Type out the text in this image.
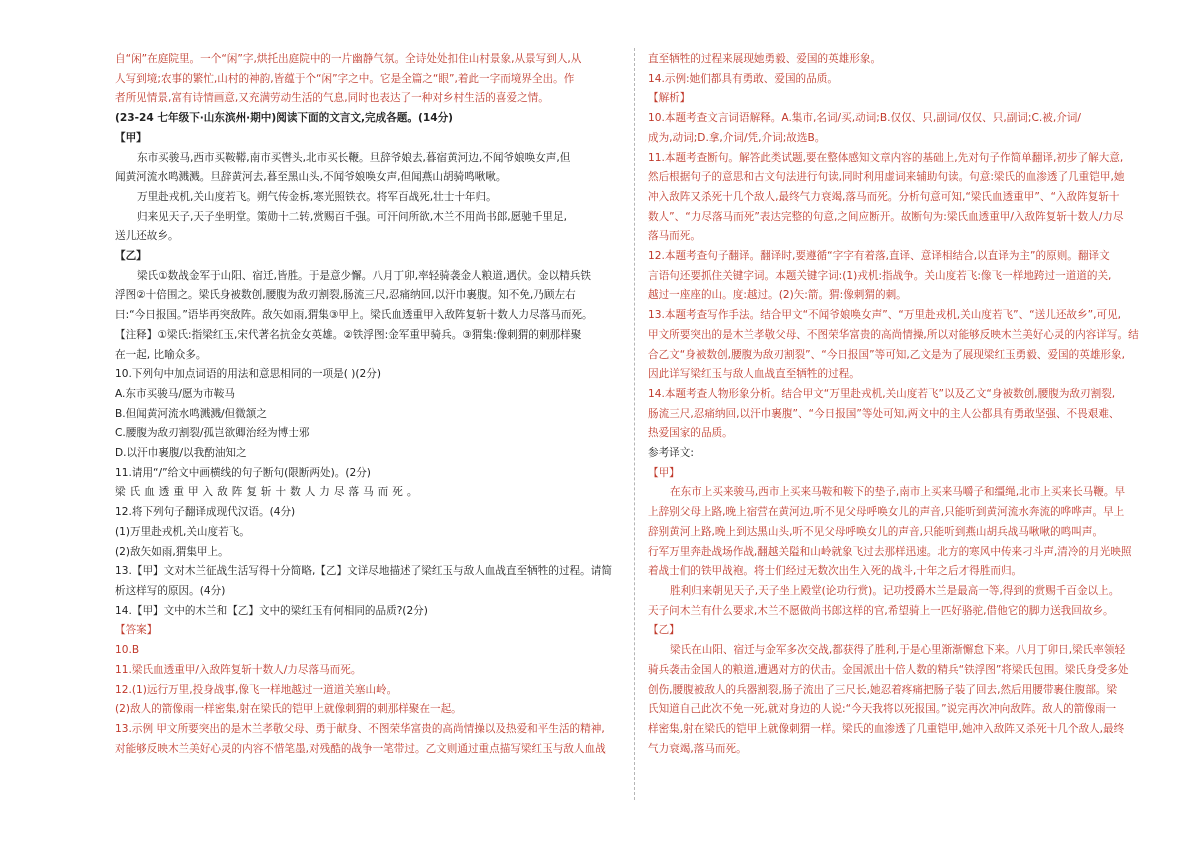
自“闲”在庭院里。一个“闲”字,烘托出庭院中的一片幽静气氛。全诗处处扣住山村景象,从景写到人,从
人写到境;农事的繁忙,山村的神韵,皆蕴于个“闲”字之中。它是全篇之“眼”,着此一字而境界全出。作
者所见情景,富有诗情画意,又充满劳动生活的气息,同时也表达了一种对乡村生活的喜爱之情。
(23-24 七年级下·山东滨州·期中)阅读下面的文言文,完成各题。(14分)
【甲】
东市买骏马,西市买鞍鞯,南市买辔头,北市买长鞭。旦辞爷娘去,暮宿黄河边,不闻爷娘唤女声,但
闻黄河流水鸣溅溅。旦辞黄河去,暮至黑山头,不闻爷娘唤女声,但闻燕山胡骑鸣啾啾。
万里赴戎机,关山度若飞。朔气传金柝,寒光照铁衣。将军百战死,壮士十年归。
归来见天子,天子坐明堂。策勋十二转,赏赐百千强。可汗问所欲,木兰不用尚书郎,愿驰千里足,
送儿还故乡。
【乙】
梁氏①数战金军于山阳、宿迁,皆胜。于是意少懈。八月丁卯,率轻骑袭金人粮道,遇伏。金以精兵铁
浮图②十倍围之。梁氏身被数创,腰腹为敌刃割裂,肠流三尺,忍痛纳回,以汗巾裹腹。知不免,乃顾左右
曰:“今日报国。”语毕再突敌阵。敌矢如雨,猬集③甲上。梁氏血透重甲入敌阵复斩十数人力尽落马而死。
【注释】①梁氏:指梁红玉,宋代著名抗金女英雄。②铁浮图:金军重甲骑兵。③猬集:像刺猬的刺那样聚
在一起, 比喻众多。
10.下列句中加点词语的用法和意思相同的一项是( )(2分)
A.东市买骏马/愿为市鞍马
B.但闻黄河流水鸣溅溅/但微颔之
C.腰腹为敌刃割裂/孤岂欲卿治经为博士邪
D.以汗巾裹腹/以我酌油知之
11.请用“/”给文中画横线的句子断句(限断两处)。(2分)
梁氏血透重甲入敌阵复斩十数人力尽落马而死。
12.将下列句子翻译成现代汉语。(4分)
(1)万里赴戎机,关山度若飞。
(2)敌矢如雨,猬集甲上。
13.【甲】文对木兰征战生活写得十分简略,【乙】文详尽地描述了梁红玉与敌人血战直至牺牲的过程。请简
析这样写的原因。(4分)
14.【甲】文中的木兰和【乙】文中的梁红玉有何相同的品质?(2分)
【答案】
10.B
11.梁氏血透重甲/入敌阵复斩十数人/力尽落马而死。
12.(1)远行万里,投身战事,像飞一样地越过一道道关塞山岭。
(2)敌人的箭像雨一样密集,射在梁氏的铠甲上就像刺猬的刺那样聚在一起。
13.示例 甲文所要突出的是木兰孝敬父母、勇于献身、不图荣华富贵的高尚情操以及热爱和平生活的精神,
对能够反映木兰美好心灵的内容不惜笔墨,对残酷的战争一笔带过。乙文则通过重点描写梁红玉与敌人血战
直至牺牲的过程来展现她勇毅、爱国的英雄形象。
14.示例:她们都具有勇敢、爱国的品质。
【解析】
10.本题考查文言词语解释。A.集市,名词/买,动词;B.仅仅、只,副词/仅仅、只,副词;C.被,介词/
成为,动词;D.拿,介词/凭,介词;故选B。
11.本题考查断句。解答此类试题,要在整体感知文章内容的基础上,先对句子作简单翻译,初步了解大意,
然后根据句子的意思和古文句法进行句读,同时利用虚词来辅助句读。句意:梁氏的血渗透了几重铠甲,她
冲入敌阵又杀死十几个敌人,最终气力衰竭,落马而死。分析句意可知,“梁氏血透重甲”、“入敌阵复斩十
数人”、“力尽落马而死”表达完整的句意,之间应断开。故断句为:梁氏血透重甲/入敌阵复斩十数人/力尽
落马而死。
12.本题考查句子翻译。翻译时,要遵循“字字有着落,直译、意译相结合,以直译为主”的原则。翻译文
言语句还要抓住关键字词。本题关键字词:(1)戎机:指战争。关山度若飞:像飞一样地跨过一道道的关,
越过一座座的山。度:越过。(2)矢:箭。猬:像刺猬的刺。
13.本题考查写作手法。结合甲文“不闻爷娘唤女声”、“万里赴戎机,关山度若飞”、“送儿还故乡”,可见,
甲文所要突出的是木兰孝敬父母、不图荣华富贵的高尚情操,所以对能够反映木兰美好心灵的内容详写。结
合乙文“身被数创,腰腹为敌刃割裂”、“今日报国”等可知,乙文是为了展现梁红玉勇毅、爱国的英雄形象,
因此详写梁红玉与敌人血战直至牺牲的过程。
14.本题考查人物形象分析。结合甲文“万里赴戎机,关山度若飞”以及乙文“身被数创,腰腹为敌刃割裂,
肠流三尺,忍痛纳回,以汗巾裹腹”、“今日报国”等处可知,两文中的主人公都具有勇敢坚强、不畏艰难、
热爱国家的品质。
参考译文:
【甲】
在东市上买来骏马,西市上买来马鞍和鞍下的垫子,南市上买来马嚼子和缰绳,北市上买来长马鞭。早
上辞别父母上路,晚上宿营在黄河边,听不见父母呼唤女儿的声音,只能听到黄河流水奔流的哗哗声。早上
辞别黄河上路,晚上到达黑山头,听不见父母呼唤女儿的声音,只能听到燕山胡兵战马啾啾的鸣叫声。
行军万里奔赴战场作战,翻越关隘和山岭就象飞过去那样迅速。北方的寒风中传来刁斗声,清冷的月光映照
着战士们的铁甲战袍。将士们经过无数次出生入死的战斗,十年之后才得胜而归。
胜利归来朝见天子,天子坐上殿堂(论功行赏)。记功授爵木兰是最高一等,得到的赏赐千百金以上。
天子问木兰有什么要求,木兰不愿做尚书郎这样的官,希望骑上一匹好骆驼,借他它的脚力送我回故乡。
【乙】
梁氏在山阳、宿迁与金军多次交战,都获得了胜利,于是心里渐渐懈怠下来。八月丁卯日,梁氏率领轻
骑兵袭击金国人的粮道,遭遇对方的伏击。金国派出十倍人数的精兵“铁浮图”将梁氏包围。梁氏身受多处
创伤,腰腹被敌人的兵器割裂,肠子流出了三尺长,她忍着疼痛把肠子装了回去,然后用腰带裹住腹部。梁
氏知道自己此次不免一死,就对身边的人说:“今天我将以死报国。”说完再次冲向敌阵。敌人的箭像雨一
样密集,射在梁氏的铠甲上就像刺猬一样。梁氏的血渗透了几重铠甲,她冲入敌阵又杀死十几个敌人,最终
气力衰竭,落马而死。
